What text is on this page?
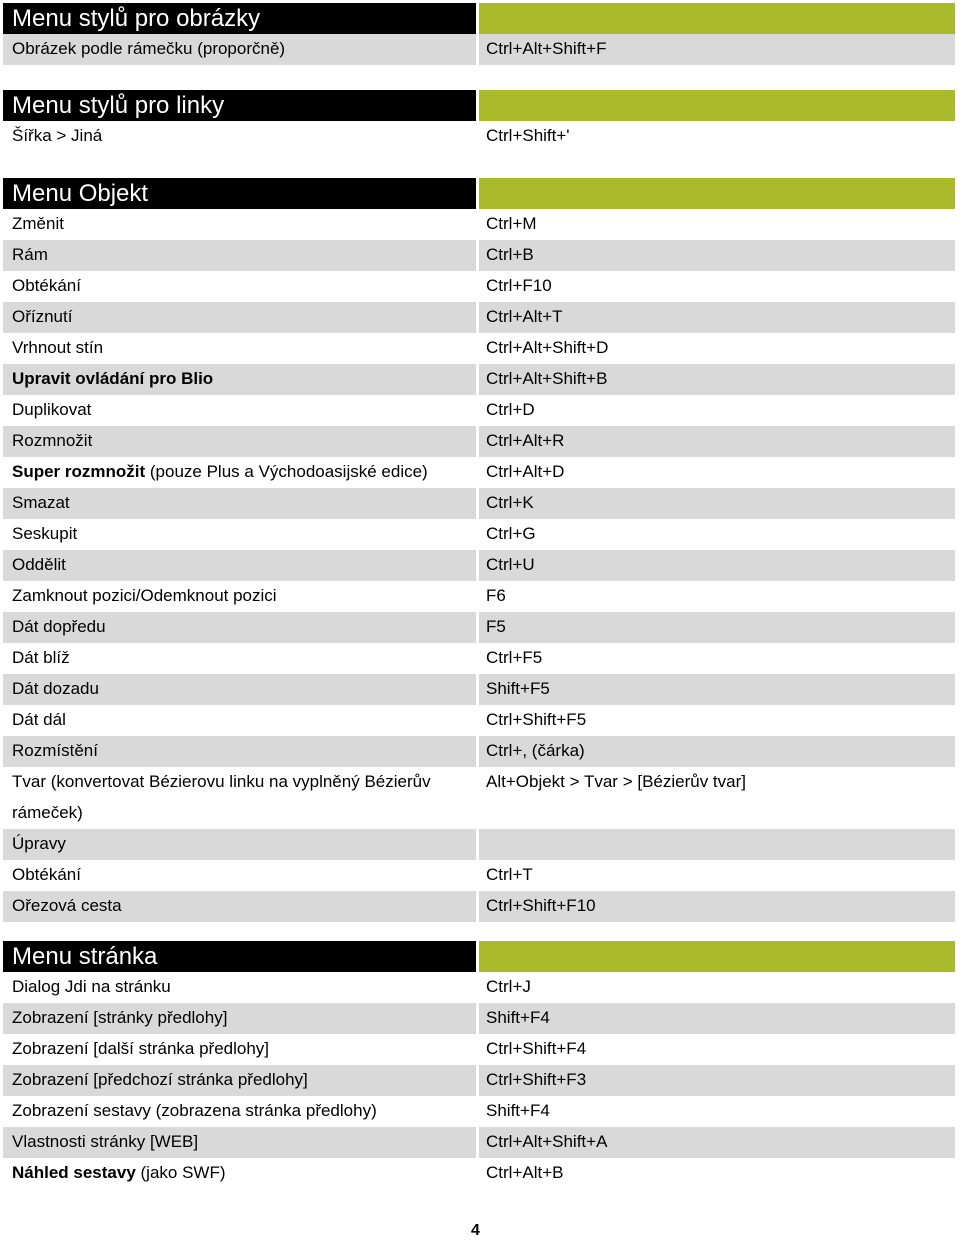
Menu stylů pro obrázky
Obrázek podle rámečku (proporčně)	Ctrl+Alt+Shift+F
Menu stylů pro linky
Šířka > Jiná	Ctrl+Shift+'
Menu Objekt
Změnit	Ctrl+M
Rám	Ctrl+B
Obtékání	Ctrl+F10
Oříznutí	Ctrl+Alt+T
Vrhnout stín	Ctrl+Alt+Shift+D
Upravit ovládání pro Blio	Ctrl+Alt+Shift+B
Duplikovat	Ctrl+D
Rozmnožit	Ctrl+Alt+R
Super rozmnožit (pouze Plus a Východoasijské edice)	Ctrl+Alt+D
Smazat	Ctrl+K
Seskupit	Ctrl+G
Oddělit	Ctrl+U
Zamknout pozici/Odemknout pozici	F6
Dát dopředu	F5
Dát blíž	Ctrl+F5
Dát dozadu	Shift+F5
Dát dál	Ctrl+Shift+F5
Rozmístění	Ctrl+, (čárka)
Tvar (konvertovat Bézierovu linku na vyplněný Bézierův	Alt+Objekt > Tvar > [Bézierův tvar]
rámeček)
Úpravy
Obtékání	Ctrl+T
Ořezová cesta	Ctrl+Shift+F10
Menu stránka
Dialog Jdi na stránku	Ctrl+J
Zobrazení [stránky předlohy]	Shift+F4
Zobrazení [další stránka předlohy]	Ctrl+Shift+F4
Zobrazení [předchozí stránka předlohy]	Ctrl+Shift+F3
Zobrazení sestavy (zobrazena stránka předlohy)	Shift+F4
Vlastnosti stránky [WEB]	Ctrl+Alt+Shift+A
Náhled sestavy (jako SWF)	Ctrl+Alt+B
4
